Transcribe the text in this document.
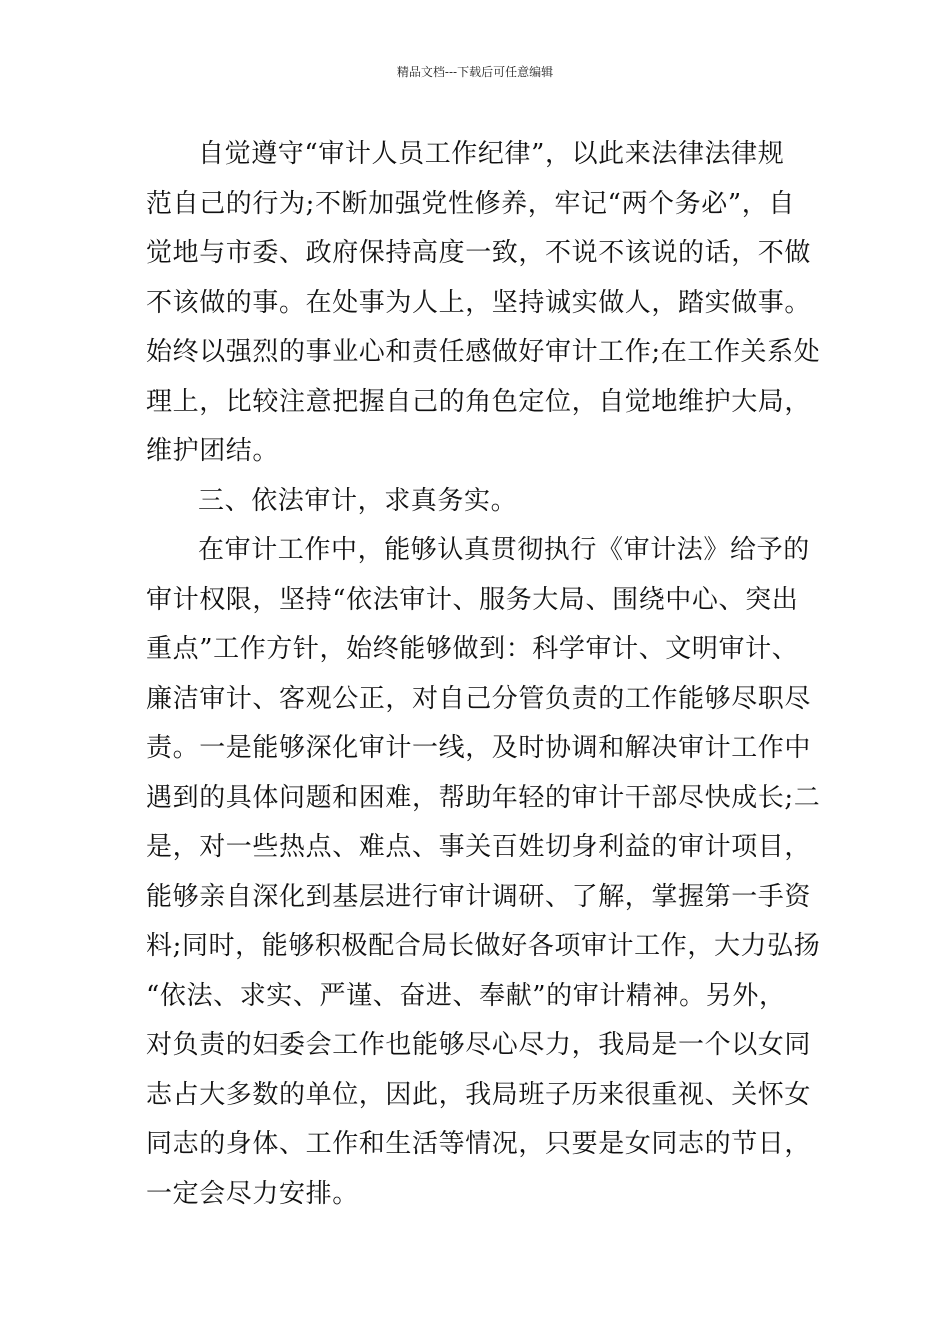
精品文档---下载后可任意编辑
自觉遵守“审计人员工作纪律”，以此来法律法律规
范自己的行为;不断加强党性修养，牢记“两个务必”，自
觉地与市委、政府保持高度一致，不说不该说的话，不做
不该做的事。在处事为人上，坚持诚实做人，踏实做事。
始终以强烈的事业心和责任感做好审计工作;在工作关系处
理上，比较注意把握自己的角色定位，自觉地维护大局，
维护团结。
三、依法审计，求真务实。
在审计工作中，能够认真贯彻执行《审计法》给予的
审计权限，坚持“依法审计、服务大局、围绕中心、突出
重点”工作方针，始终能够做到：科学审计、文明审计、
廉洁审计、客观公正，对自己分管负责的工作能够尽职尽
责。一是能够深化审计一线，及时协调和解决审计工作中
遇到的具体问题和困难，帮助年轻的审计干部尽快成长;二
是，对一些热点、难点、事关百姓切身利益的审计项目，
能够亲自深化到基层进行审计调研、了解，掌握第一手资
料;同时，能够积极配合局长做好各项审计工作，大力弘扬
“依法、求实、严谨、奋进、奉献”的审计精神。另外，
对负责的妇委会工作也能够尽心尽力，我局是一个以女同
志占大多数的单位，因此，我局班子历来很重视、关怀女
同志的身体、工作和生活等情况，只要是女同志的节日，
一定会尽力安排。
